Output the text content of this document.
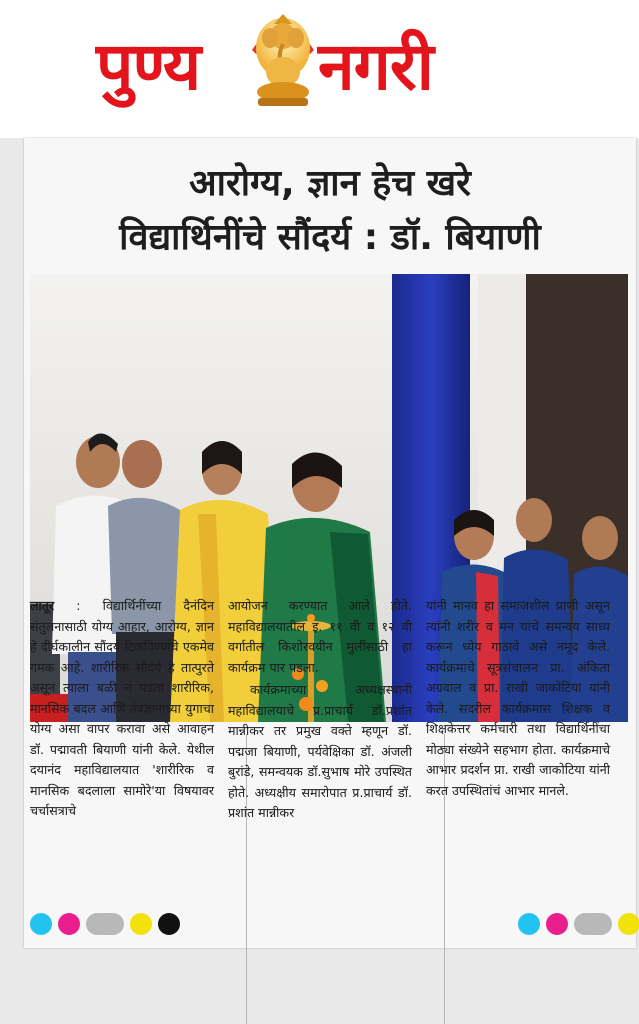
पुण्य नगरी
आरोग्य, ज्ञान हेच खरे
विद्यार्थिनींचे सौंदर्य : डॉ. बियाणी

लातूर : विद्यार्थिनींच्या दैनंदिन संतुलनासाठी योग्य आहार, आरोग्य, ज्ञान हे दीर्घकालीन सौंदर्य टिकविण्याचे एकमेव गमक आहे. शारीरिक सौंदर्य हे तात्पुरते असून त्याला बळी न पडता शारीरिक, मानसिक बदल आणि तंत्रज्ञानाच्या युगाचा योग्य असा वापर करावा असे आवाहन डॉ. पद्मावती बियाणी यांनी केले. येथील दयानंद महाविद्यालयात 'शारीरिक व मानसिक बदलाला सामोरे'या विषयावर चर्चासत्राचे

आयोजन करण्यात आले होते. महाविद्यालयातील इ. ११ वी व १२ वी वर्गातील किशोरवयीन मुलींसाठी हा कार्यक्रम पार पडला.

कार्यक्रमाच्या अध्यक्षस्थानी महाविद्यालयाचे प्र.प्राचार्य डॉ.प्रशांत मान्नीकर तर प्रमुख वक्ते म्हणून डॉ. पद्मजा बियाणी, पर्यवेक्षिका डॉ. अंजली बुरांडे, समन्वयक डॉ.सुभाष मोरे उपस्थित होते. अध्यक्षीय समारोपात प्र.प्राचार्य डॉ. प्रशांत मान्नीकर

यांनी मानव हा समाजशील प्राणी असून त्यांनी शरीर व मन याचे समन्वय साध्य करून ध्येय गाठावे असे नमूद केले. कार्यक्रमाचे सूत्रसंचालन प्रा. अंकिता अग्रवाल व प्रा. राखी जाकोटिया यांनी केले. सदरील कार्यक्रमास शिक्षक व शिक्षकेत्तर कर्मचारी तथा विद्यार्थिनींचा मोठ्या संख्येने सहभाग होता. कार्यक्रमाचे आभार प्रदर्शन प्रा. राखी जाकोटिया यांनी करत उपस्थितांचं आभार मानले.
